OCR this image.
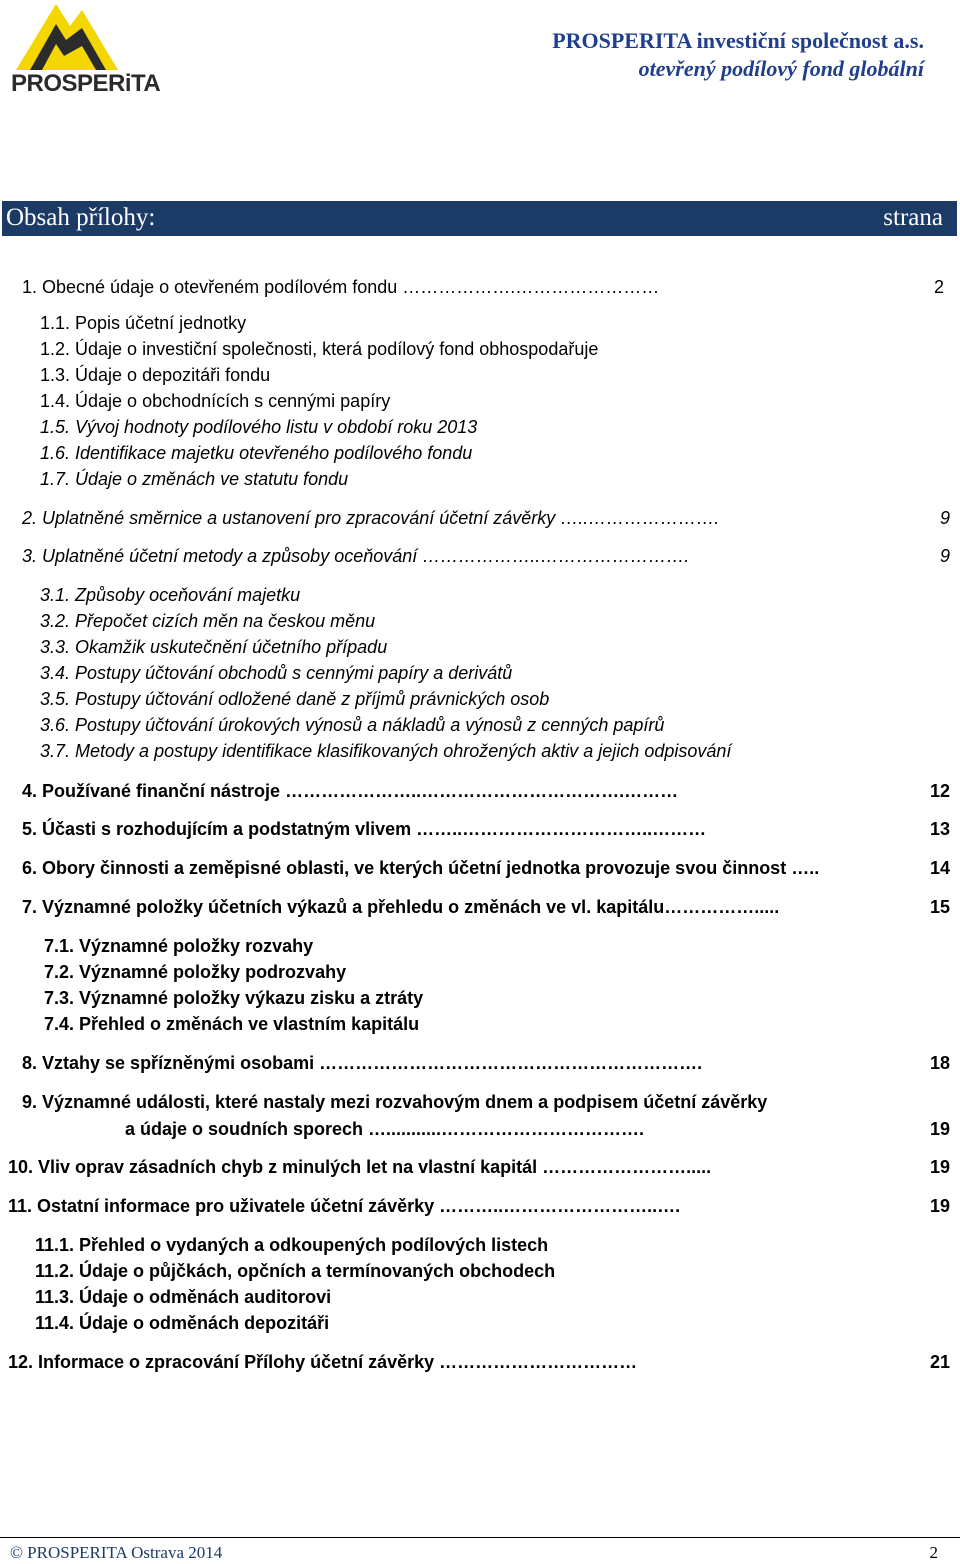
PROSPERiTA
PROSPERITA investiční společnost a.s.
otevřený podílový fond globální
Obsah přílohy:	strana
1. Obecné údaje o otevřeném podílovém fondu ……………….……………………	2
1.1. Popis účetní jednotky
1.2. Údaje o investiční společnosti, která podílový fond obhospodařuje
1.3. Údaje o depozitáři fondu
1.4. Údaje o obchodnících s cennými papíry
1.5. Vývoj hodnoty podílového listu v období roku 2013
1.6. Identifikace majetku otevřeného podílového fondu
1.7. Údaje o změnách ve statutu fondu
2. Uplatněné směrnice a ustanovení pro zpracování účetní závěrky …..………………….	9
3. Uplatněné účetní metody a způsoby oceňování ………………..…………………….	9
3.1. Způsoby oceňování majetku
3.2. Přepočet cizích měn na českou měnu
3.3. Okamžik uskutečnění účetního případu
3.4. Postupy účtování obchodů s cennými papíry a derivátů
3.5. Postupy účtování odložené daně z příjmů právnických osob
3.6. Postupy účtování úrokových výnosů a nákladů a výnosů z cenných papírů
3.7. Metody a postupy identifikace klasifikovaných ohrožených aktiv a jejich odpisování
4. Používané finanční nástroje …………………..…………………………….………	12
5. Účasti s rozhodujícím a podstatným vlivem ……..…………………………..………	13
6. Obory činnosti a zeměpisné oblasti, ve kterých účetní jednotka provozuje svou činnost …..	14
7. Významné položky účetních výkazů a přehledu o změnách ve vl. kapitálu…………….....	15
7.1. Významné položky rozvahy
7.2. Významné položky podrozvahy
7.3. Významné položky výkazu zisku a ztráty
7.4. Přehled o změnách ve vlastním kapitálu
8. Vztahy se spřízněnými osobami ……………………………………………………….	18
9. Významné události, které nastaly mezi rozvahovým dnem a podpisem účetní závěrky
a údaje o soudních sporech …...........…………………………….	19
10. Vliv oprav zásadních chyb z minulých let na vlastní kapitál …………………….....	19
11. Ostatní informace pro uživatele účetní závěrky ………..……………………..….	19
11.1. Přehled o vydaných a odkoupených podílových listech
11.2. Údaje o půjčkách, opčních a termínovaných obchodech
11.3. Údaje o odměnách auditorovi
11.4. Údaje o odměnách depozitáři
12. Informace o zpracování Přílohy účetní závěrky ……………………………	21
© PROSPERITA Ostrava 2014	2
